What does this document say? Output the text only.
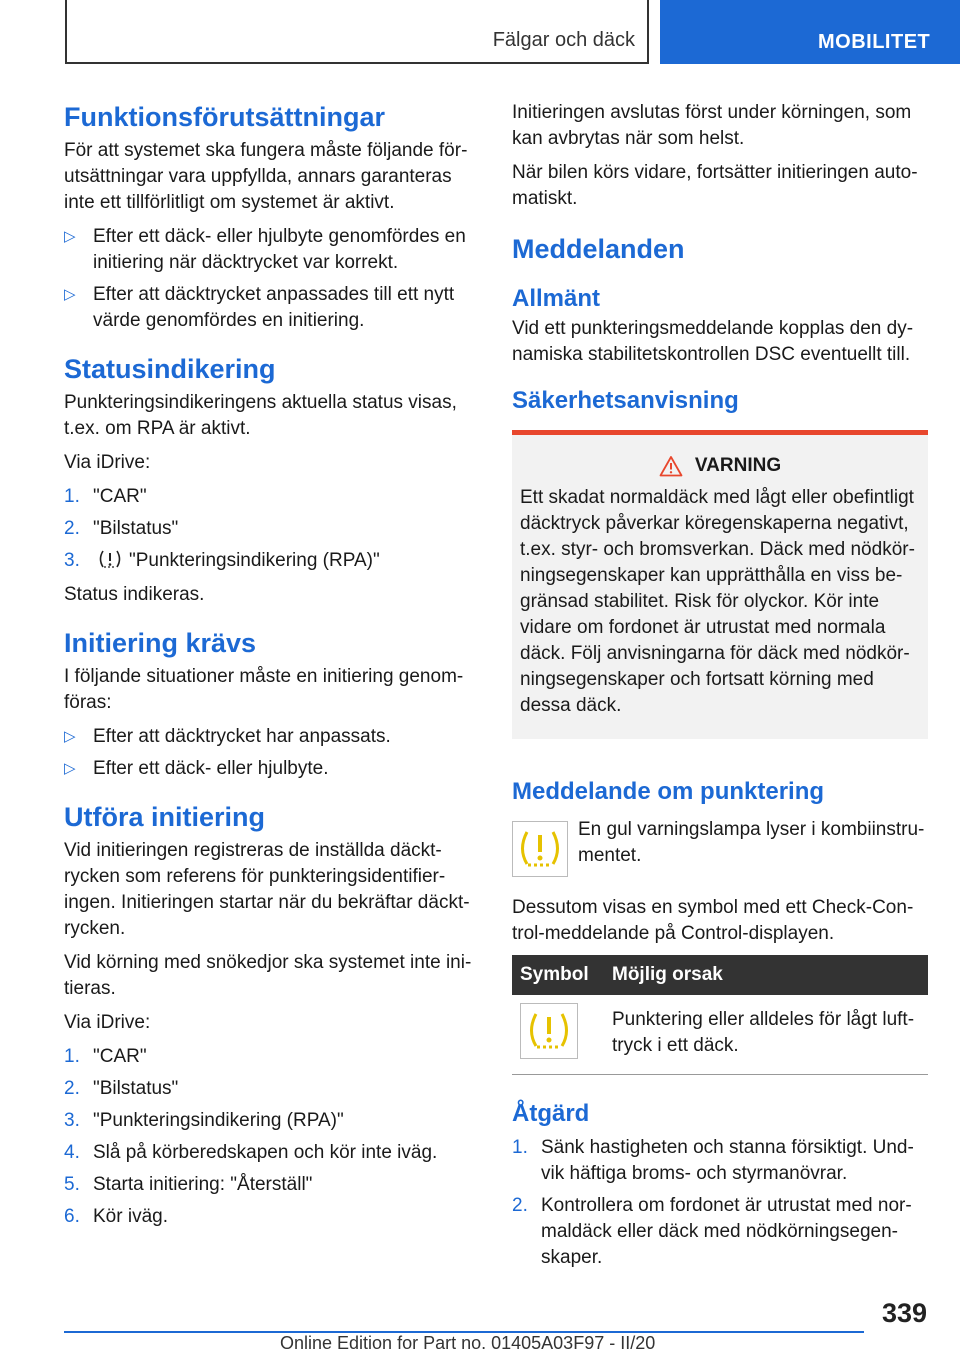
Fälgar och däck	MOBILITET
Funktionsförutsättningar

För att systemet ska fungera måste följande förutsättningar vara uppfyllda, annars garanteras inte ett tillförlitligt om systemet är aktivt.

▷ Efter ett däck- eller hjulbyte genomfördes en initiering när däcktrycket var korrekt.
▷ Efter att däcktrycket anpassades till ett nytt värde genomfördes en initiering.
Statusindikering

Punkteringsindikeringens aktuella status visas, t.ex. om RPA är aktivt.

Via iDrive:

1. "CAR"
2. "Bilstatus"
3.	"Punkteringsindikering (RPA)"

Status indikeras.

Initiering krävs

I följande situationer måste en initiering genomföras:

▷ Efter att däcktrycket har anpassats.
▷ Efter ett däck- eller hjulbyte.
Utföra initiering

Vid initieringen registreras de inställda däcktrycken som referens för punkteringsidentifieringen. Initieringen startar när du bekräftar däcktrycken.

Vid körning med snökedjor ska systemet inte initieras.

Via iDrive:

1. "CAR"
2. "Bilstatus"
3. "Punkteringsindikering (RPA)"
4. Slå på körberedskapen och kör inte iväg.
5. Starta initiering: "Återställ"
6. Kör iväg.

Initieringen avslutas först under körningen, som kan avbrytas när som helst.

När bilen körs vidare, fortsätter initieringen automatiskt.

Meddelanden
Allmänt

Vid ett punkteringsmeddelande kopplas den dynamiska stabilitetskontrollen DSC eventuellt till.

Säkerhetsanvisning
VARNING

Ett skadat normaldäck med lågt eller obefintligt däcktryck påverkar köregenskaperna negativt, t.ex. styr- och bromsverkan. Däck med nödkörningsegenskaper kan upprätthålla en viss begränsad stabilitet. Risk för olyckor. Kör inte vidare om fordonet är utrustat med normala däck. Följ anvisningarna för däck med nödkörningsegenskaper och fortsatt körning med dessa däck.

Meddelande om punktering

En gul varningslampa lyser i kombiinstrumentet.

Dessutom visas en symbol med ett Check-Control-meddelande på Control-displayen.

Symbol	Möjlig orsak

	Punktering eller alldeles för lågt lufttryck i ett däck.
Åtgärd
1. Sänk hastigheten och stanna försiktigt. Undvik häftiga broms- och styrmanövrar.
2. Kontrollera om fordonet är utrustat med normaldäck eller däck med nödkörningsegenskaper.
339
Online Edition for Part no. 01405A03F97 - II/20
